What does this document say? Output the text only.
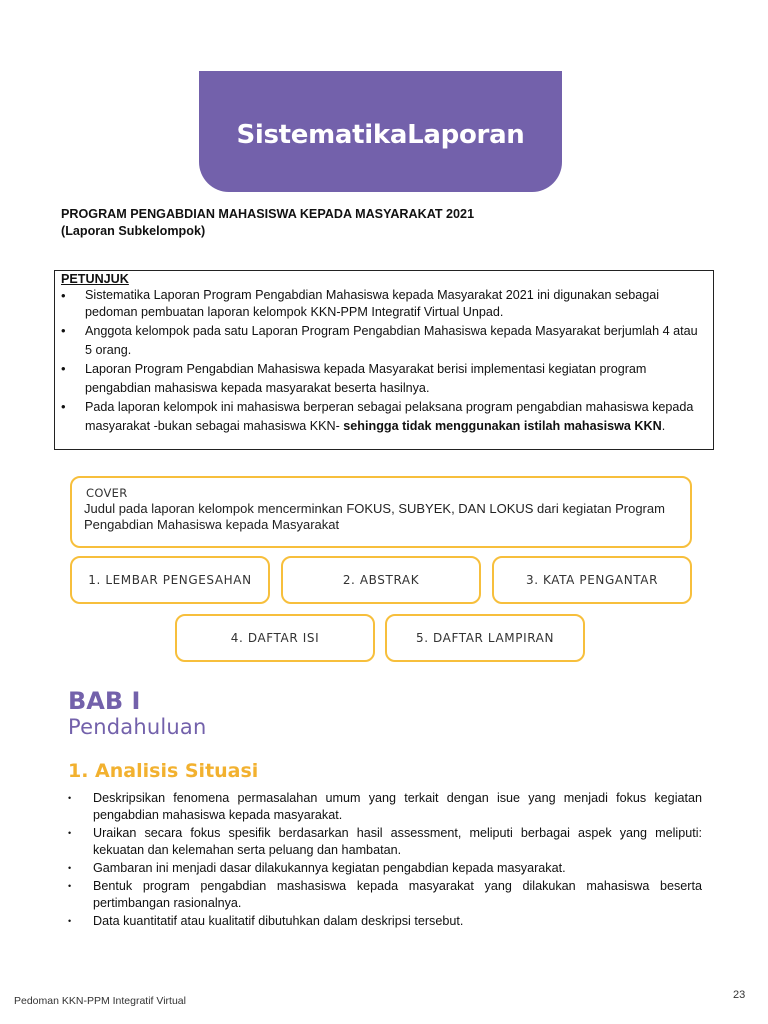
SistematikaLaporan
PROGRAM PENGABDIAN MAHASISWA KEPADA MASYARAKAT 2021
(Laporan Subkelompok)
PETUNJUK
• Sistematika Laporan Program Pengabdian Mahasiswa kepada Masyarakat 2021 ini digunakan sebagai pedoman pembuatan laporan kelompok KKN-PPM Integratif Virtual Unpad.
• Anggota kelompok pada satu Laporan Program Pengabdian Mahasiswa kepada Masyarakat berjumlah 4 atau 5 orang.
• Laporan Program Pengabdian Mahasiswa kepada Masyarakat berisi implementasi kegiatan program pengabdian mahasiswa kepada masyarakat beserta hasilnya.
• Pada laporan kelompok ini mahasiswa berperan sebagai pelaksana program pengabdian mahasiswa kepada masyarakat -bukan sebagai mahasiswa KKN- sehingga tidak menggunakan istilah mahasiswa KKN.
COVER
Judul pada laporan kelompok mencerminkan FOKUS, SUBYEK, DAN LOKUS dari kegiatan Program Pengabdian Mahasiswa kepada Masyarakat
1. LEMBAR PENGESAHAN	2. ABSTRAK	3. KATA PENGANTAR
4. DAFTAR ISI	5. DAFTAR LAMPIRAN
BAB I
Pendahuluan
1. Analisis Situasi
• Deskripsikan fenomena permasalahan umum yang terkait dengan isue yang menjadi fokus kegiatan pengabdian mahasiswa kepada masyarakat.
• Uraikan secara fokus spesifik berdasarkan hasil assessment, meliputi berbagai aspek yang meliputi: kekuatan dan kelemahan serta peluang dan hambatan.
• Gambaran ini menjadi dasar dilakukannya kegiatan pengabdian kepada masyarakat.
• Bentuk program pengabdian mashasiswa kepada masyarakat yang dilakukan mahasiswa beserta pertimbangan rasionalnya.
• Data kuantitatif atau kualitatif dibutuhkan dalam deskripsi tersebut.
Pedoman KKN-PPM Integratif Virtual	23
